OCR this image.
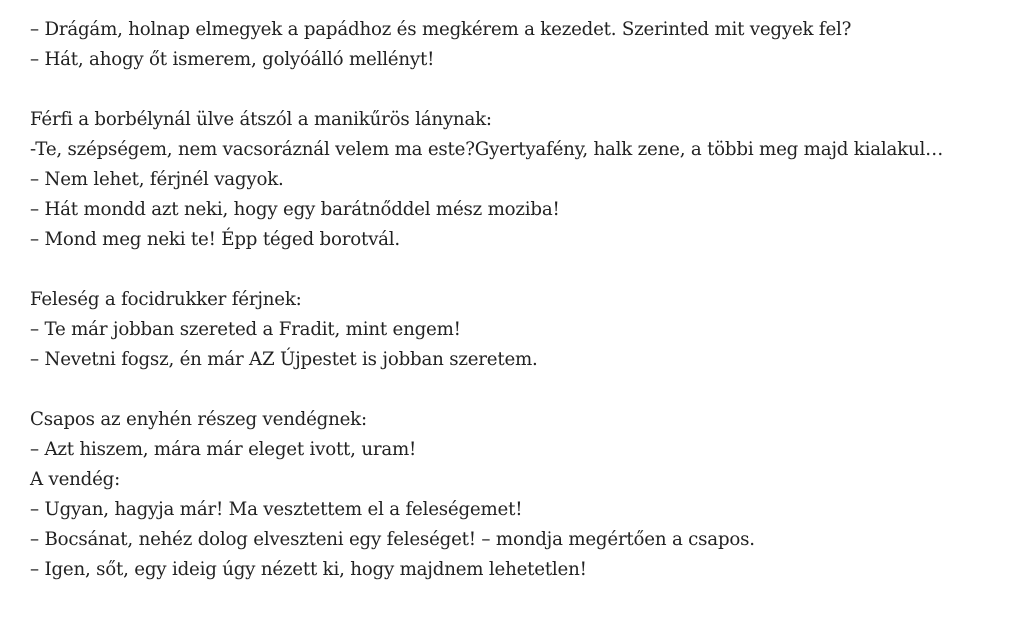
– Drágám, holnap elmegyek a papádhoz és megkérem a kezedet. Szerinted mit vegyek fel?
– Hát, ahogy őt ismerem, golyóálló mellényt!
Férfi a borbélynál ülve átszól a manikűrös lánynak:
-Te, szépségem, nem vacsoráznál velem ma este?Gyertyafény, halk zene, a többi meg majd kialakul…
– Nem lehet, férjnél vagyok.
– Hát mondd azt neki, hogy egy barátnőddel mész moziba!
– Mond meg neki te! Épp téged borotvál.
Feleség a focidrukker férjnek:
– Te már jobban szereted a Fradit, mint engem!
– Nevetni fogsz, én már AZ Újpestet is jobban szeretem.
Csapos az enyhén részeg vendégnek:
– Azt hiszem, mára már eleget ivott, uram!
A vendég:
– Ugyan, hagyja már! Ma vesztettem el a feleségemet!
– Bocsánat, nehéz dolog elveszteni egy feleséget! – mondja megértően a csapos.
– Igen, sőt, egy ideig úgy nézett ki, hogy majdnem lehetetlen!
